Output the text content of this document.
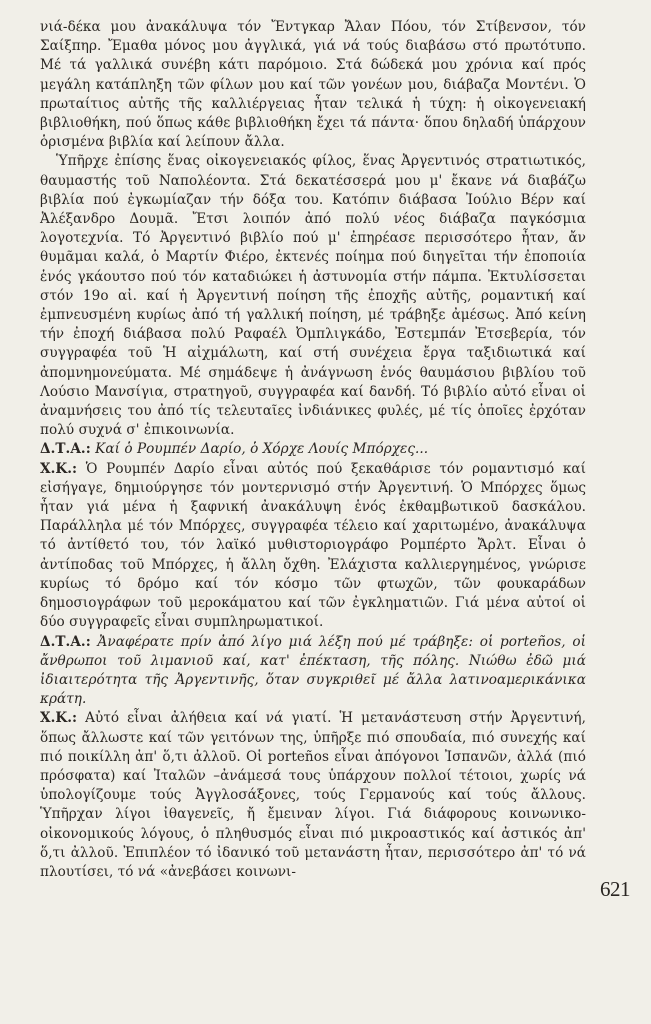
νιά-δέκα μου ἀνακάλυψα τόν Ἔντγκαρ Ἄλαν Πόου, τόν Στίβενσον, τόν Σαίξπηρ. Ἔμαθα μόνος μου ἀγγλικά, γιά νά τούς διαβάσω στό πρωτότυπο. Μέ τά γαλλικά συνέβη κάτι παρόμοιο. Στά δώδεκά μου χρόνια καί πρός μεγάλη κατάπληξη τῶν φίλων μου καί τῶν γονέων μου, διάβαζα Μοντένι. Ὁ πρωταίτιος αὐτῆς τῆς καλλιέργειας ἦταν τελικά ἡ τύχη: ἡ οἰκογενειακή βιβλιοθήκη, πού ὅπως κάθε βιβλιοθήκη ἔχει τά πάντα· ὅπου δηλαδή ὑπάρχουν ὁρισμένα βιβλία καί λείπουν ἄλλα.

Ὑπῆρχε ἐπίσης ἕνας οἰκογενειακός φίλος, ἕνας Ἀργεντινός στρατιωτικός, θαυμαστής τοῦ Ναπολέοντα. Στά δεκατέσσερά μου μ' ἔκανε νά διαβάζω βιβλία πού ἐγκωμίαζαν τήν δόξα του. Κατόπιν διάβασα Ἰούλιο Βέρν καί Ἀλέξανδρο Δουμᾶ. Ἔτσι λοιπόν ἀπό πολύ νέος διάβαζα παγκόσμια λογοτεχνία. Τό Ἀργεντινό βιβλίο πού μ' ἐπηρέασε περισσότερο ἦταν, ἄν θυμᾶμαι καλά, ὁ Μαρτίν Φιέρο, ἐκτενές ποίημα πού διηγεῖται τήν ἐποποιία ἑνός γκάουτσο πού τόν καταδιώκει ἡ ἀστυνομία στήν πάμπα. Ἐκτυλίσσεται στόν 19ο αἰ. καί ἡ Ἀργεντινή ποίηση τῆς ἐποχῆς αὐτῆς, ρομαντική καί ἐμπνευσμένη κυρίως ἀπό τή γαλλική ποίηση, μέ τράβηξε ἀμέσως. Ἀπό κείνη τήν ἐποχή διάβασα πολύ Ραφαέλ Ὀμπλιγκάδο, Ἐστεμπάν Ἐτσεβερία, τόν συγγραφέα τοῦ Ἡ αἰχμάλωτη, καί στή συνέχεια ἔργα ταξιδιωτικά καί ἀπομνημονεύματα. Μέ σημάδεψε ἡ ἀνάγνωση ἑνός θαυμάσιου βιβλίου τοῦ Λούσιο Μανσίγια, στρατηγοῦ, συγγραφέα καί δανδή. Τό βιβλίο αὐτό εἶναι οἱ ἀναμνήσεις του ἀπό τίς τελευταῖες ἰνδιάνικες φυλές, μέ τίς ὁποῖες ἐρχόταν πολύ συχνά σ' ἐπικοινωνία.

Δ.Τ.Α.: Καί ὁ Ρουμπέν Δαρίο, ὁ Χόρχε Λουίς Μπόρχες...

Χ.Κ.: Ὁ Ρουμπέν Δαρίο εἶναι αὐτός πού ξεκαθάρισε τόν ρομαντισμό καί εἰσήγαγε, δημιούργησε τόν μοντερνισμό στήν Ἀργεντινή. Ὁ Μπόρχες ὅμως ἦταν γιά μένα ἡ ξαφνική ἀνακάλυψη ἑνός ἐκθαμβωτικοῦ δασκάλου. Παράλληλα μέ τόν Μπόρχες, συγγραφέα τέλειο καί χαριτωμένο, ἀνακάλυψα τό ἀντίθετό του, τόν λαϊκό μυθιστοριογράφο Ρομπέρτο Ἄρλτ. Εἶναι ὁ ἀντίποδας τοῦ Μπόρχες, ἡ ἄλλη ὄχθη. Ἐλάχιστα καλλιεργημένος, γνώρισε κυρίως τό δρόμο καί τόν κόσμο τῶν φτωχῶν, τῶν φουκαράδων δημοσιογράφων τοῦ μεροκάματου καί τῶν ἐγκληματιῶν. Γιά μένα αὐτοί οἱ δύο συγγραφεῖς εἶναι συμπληρωματικοί.

Δ.Τ.Α.: Ἀναφέρατε πρίν ἀπό λίγο μιά λέξη πού μέ τράβηξε: οἱ porteños, οἱ ἄνθρωποι τοῦ λιμανιοῦ καί, κατ' ἐπέκταση, τῆς πόλης. Νιώθω ἐδῶ μιά ἰδιαιτερότητα τῆς Ἀργεντινῆς, ὅταν συγκριθεῖ μέ ἄλλα λατινοαμερικάνικα κράτη.

Χ.Κ.: Αὐτό εἶναι ἀλήθεια καί νά γιατί. Ἡ μετανάστευση στήν Ἀργεντινή, ὅπως ἄλλωστε καί τῶν γειτόνων της, ὑπῆρξε πιό σπουδαία, πιό συνεχής καί πιό ποικίλλη ἀπ' ὅ,τι ἀλλοῦ. Οἱ porteños εἶναι ἀπόγονοι Ἰσπανῶν, ἀλλά (πιό πρόσφατα) καί Ἰταλῶν –ἀνάμεσά τους ὑπάρχουν πολλοί τέτοιοι, χωρίς νά ὑπολογίζουμε τούς Ἀγγλοσάξονες, τούς Γερμανούς καί τούς ἄλλους. Ὑπῆρχαν λίγοι ἰθαγενεῖς, ἤ ἔμειναν λίγοι. Γιά διάφορους κοινωνικο-οἰκονομικούς λόγους, ὁ πληθυσμός εἶναι πιό μικροαστικός καί ἀστικός ἀπ' ὅ,τι ἀλλοῦ. Ἐπιπλέον τό ἰδανικό τοῦ μετανάστη ἦταν, περισσότερο ἀπ' τό νά πλουτίσει, τό νά «ἀνεβάσει κοινωνι-

621
